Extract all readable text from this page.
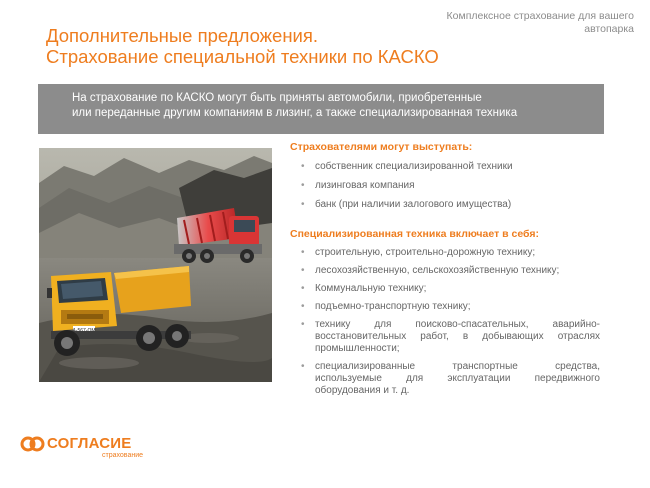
Комплексное страхование для вашего автопарка
Дополнительные предложения.
Страхование специальной техники по КАСКО
На страхование по КАСКО могут быть приняты автомобили, приобретенные
или переданные другим компаниям в лизинг, а также специализированная техника
Страхователями могут выступать:
• собственник специализированной техники
• лизинговая компания
• банк (при наличии залогового имущества)
Специализированная техника включает в себя:
• строительную, строительно-дорожную технику;
• лесохозяйственную, сельскохозяйственную технику;
• Коммунальную технику;
• подъемно-транспортную технику;
• технику для поисково-спасательных, аварийно-восстановительных работ, в добывающих отраслях промышленности;
• специализированные транспортные средства, используемые для эксплуатации передвижного оборудования и т. д.
СОГЛАСИЕ
страхование
